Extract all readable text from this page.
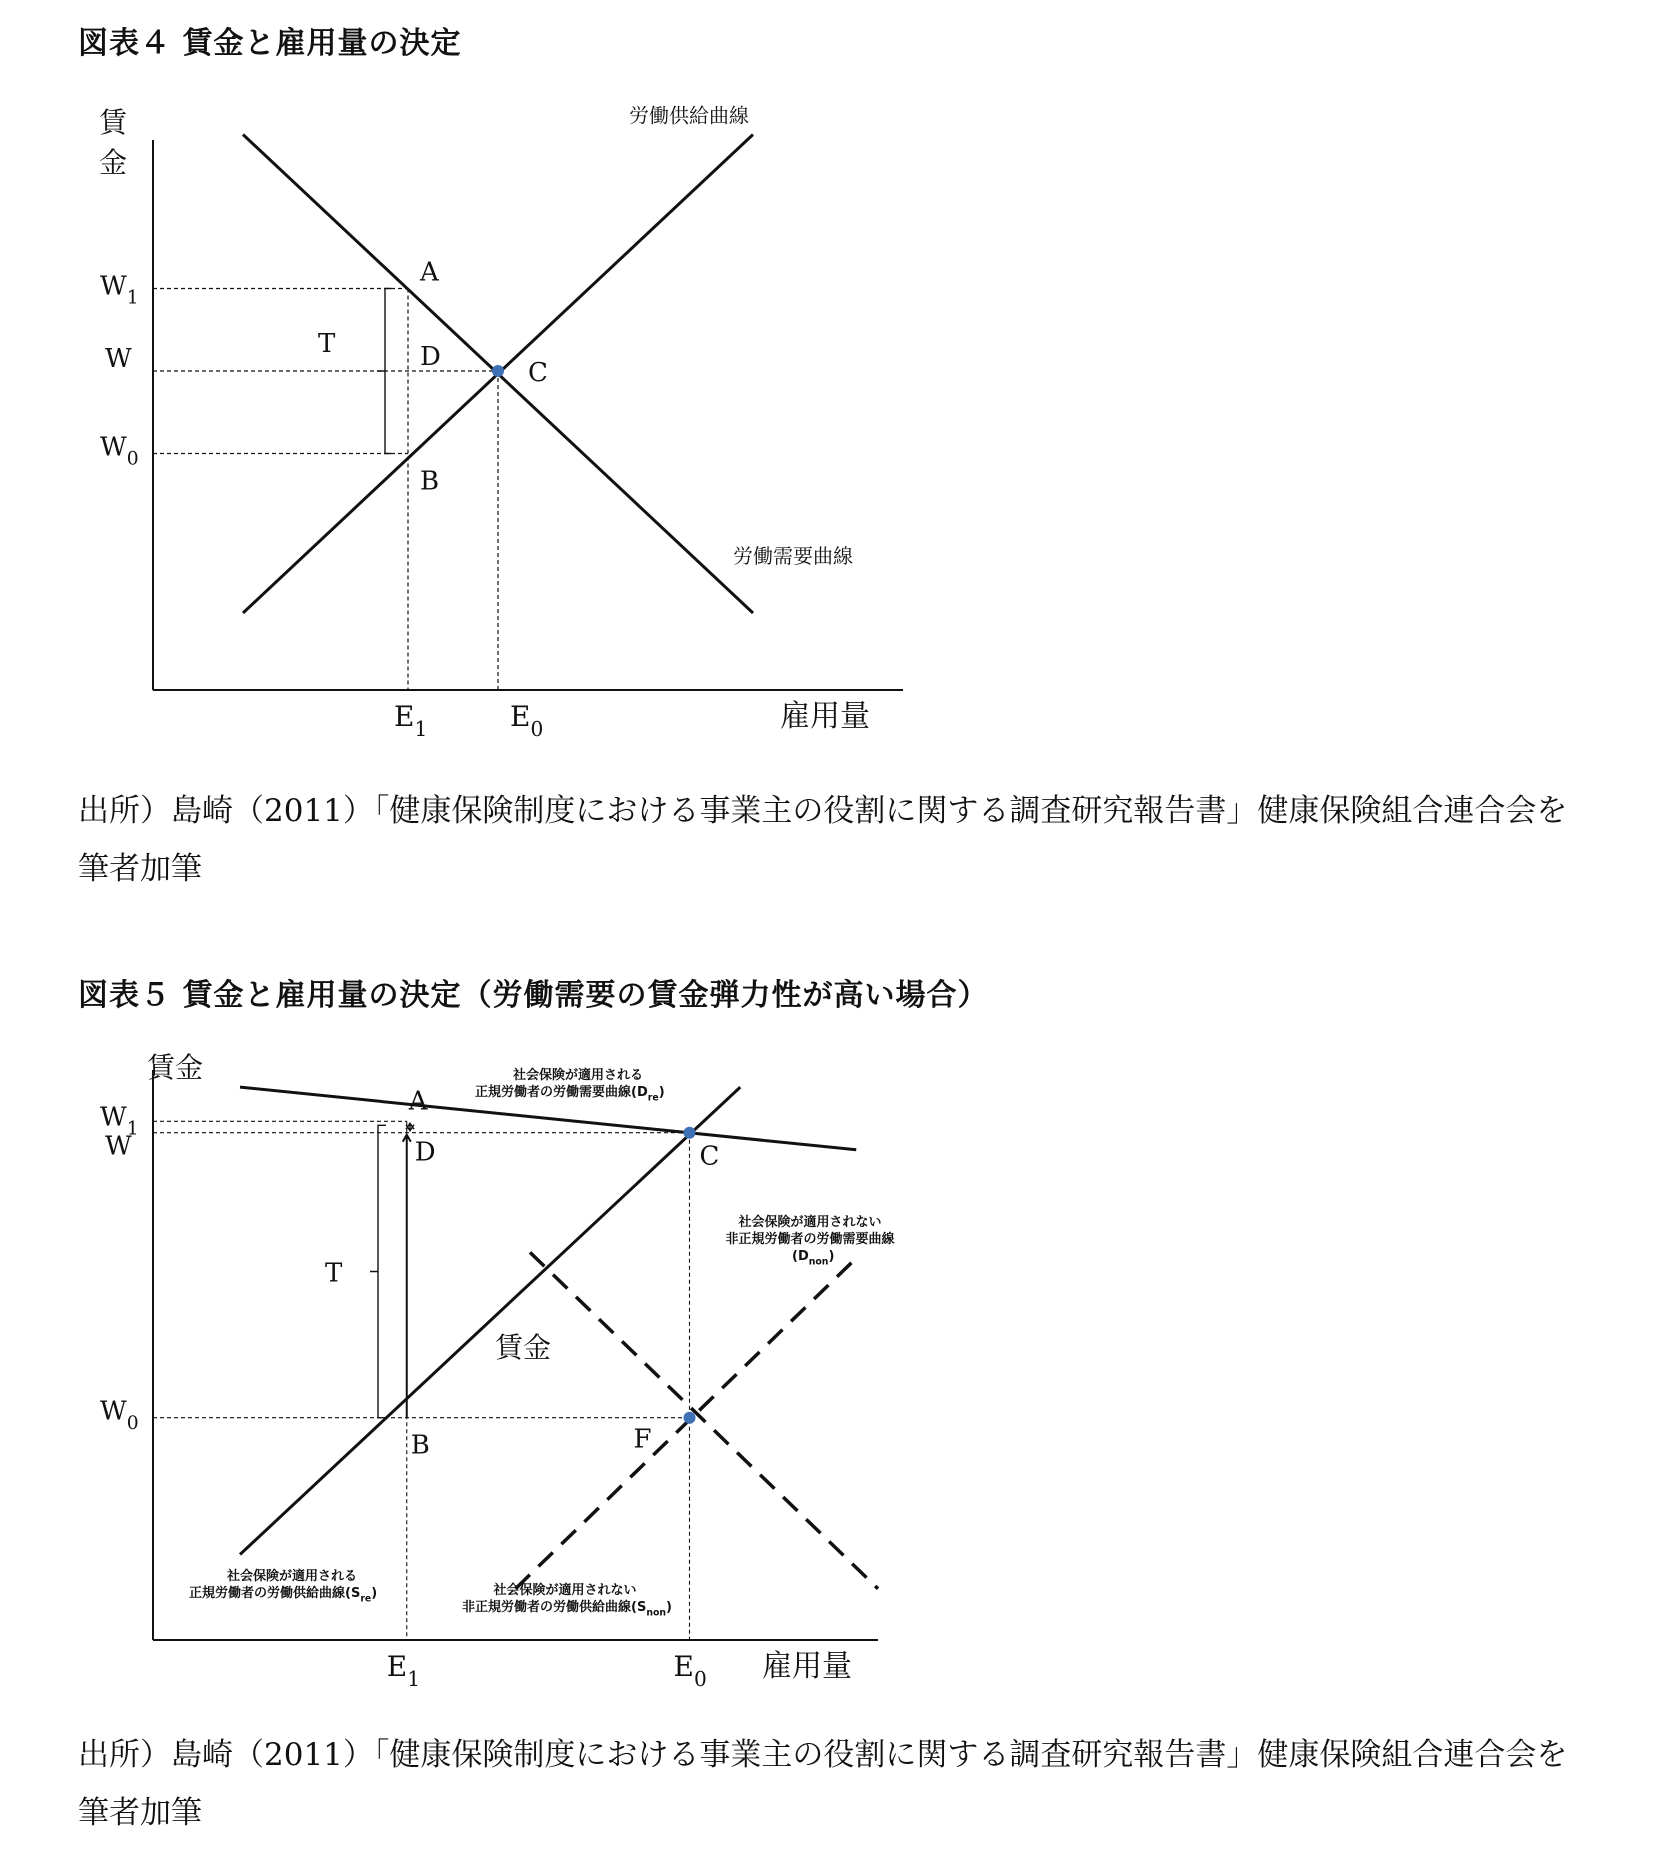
図表４ 賃金と雇用量の決定
賃
金
労働供給曲線
労働需要曲線
T
$W_1$
W
$W_0$
$E_1$	$E_0$	雇用量
A
D
C
B
出所）島崎（2011）「健康保険制度における事業主の役割に関する調査研究報告書」健康保険組合連合会を筆者加筆
図表５ 賃金と雇用量の決定（労働需要の賃金弾力性が高い場合）
賃金	社会保険が適用される
正規労働者の労働需要曲線$(D_{re})$
社会保険が適用される
正規労働者の労働供給曲線$(S_{re})$
社会保険が適用されない
非正規労働者の労働需要曲線
$(D_{non})$
社会保険が適用されない
非正規労働者の労働供給曲線$(S_{non})$
T
$W_1$
W
$W_0$
$E_1$	$E_0$ 雇用量
A
D	C
B	F
賃金
出所）島崎（2011）「健康保険制度における事業主の役割に関する調査研究報告書」健康保険組合連合会を筆者加筆
